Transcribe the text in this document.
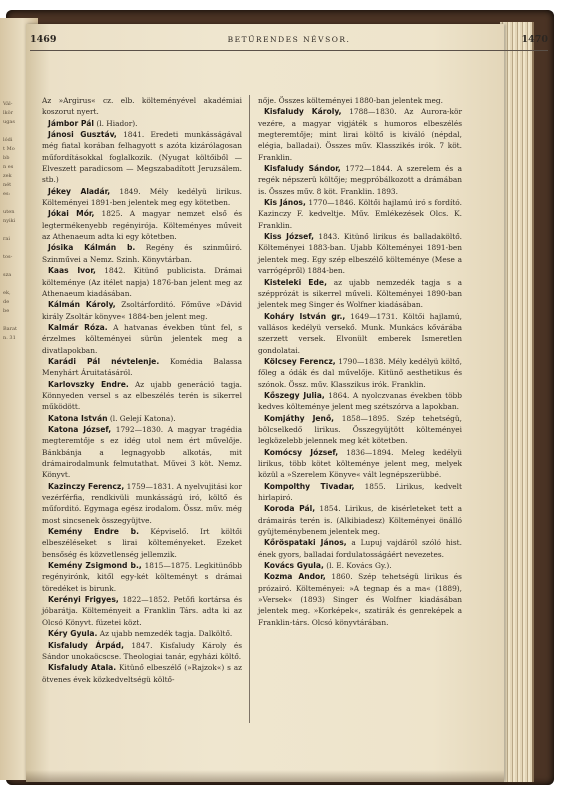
Vál-
lkör
ugas

lódi
t Mo
bb
n es
zek
nét
es:

uten
nyiki

rai

tos-

sza

ek,
de
be

Barat
n. 31
1469	BETŰRENDES NÉVSOR.	1470

Az »Argirus« cz. elb. költeményével akadémiai koszorut nyert.

Jámbor Pál (l. Hiador).

Jánosi Gusztáv, 1841. Eredeti munkásságával még fiatal korában felhagyott s azóta kizárólagosan műfordításokkal foglalkozik. (Nyugat költőiből — Elveszett paradicsom — Megszabadított Jeruzsálem. stb.)

Jékey Aladár, 1849. Mély kedélyü lirikus. Költeményei 1891-ben jelentek meg egy kötetben.

Jókai Mór, 1825. A magyar nemzet első és legtermékenyebb regényirója. Költeményes műveit az Athenaeum adta ki egy kötetben.

Jósika Kálmán b. Regény és szinműiró. Szinművei a Nemz. Szinh. Könyvtárban.

Kaas Ivor, 1842. Kitünő publicista. Drámai költeménye (Az itélet napja) 1876-ban jelent meg az Athenaeum kiadásában.

Kálmán Károly, Zsoltárforditó. Főműve »Dávid király Zsoltár könyve« 1884-ben jelent meg.

Kalmár Róza. A hatvanas években tünt fel, s érzelmes költeményei sürün jelentek meg a divatlapokban.

Karádi Pál névtelenje. Komédia Balassa Menyhárt Áruitatásáról.

Karlovszky Endre. Az ujabb generáció tagja. Könnyeden versel s az elbeszélés terén is sikerrel működött.

Katona István (l. Gelejí Katona).

Katona József, 1792—1830. A magyar tragédia megteremtője s ez idég utol nem ért művelője. Bánkbánja a legnagyobb alkotás, mit drámairodalmunk felmutathat. Művei 3 köt. Nemz. Könyvt.

Kazinczy Ferencz, 1759—1831. A nyelvujitási kor vezérférfia, rendkivüli munkásságú iró, költő és műforditó. Egymagа egész irodalom. Össz. műv. még most sincsenek összegyüjtve.

Kemény Endre b. Képviselő. Irt költői elbeszéléseket s lirai költeményeket. Ezeket bensőség és közvetlenség jellemzik.

Kemény Zsigmond b., 1815—1875. Legkitünőbb regényirónk, kitől egy-két költeményt s drámai töredéket is birunk.

Kerényi Frigyes, 1822—1852. Petőfi kortársa és jóbarátja. Költeményeit a Franklin Társ. adta ki az Olcsó Könyvt. füzetei közt.

Kéry Gyula. Az ujabb nemzedék tagja. Dalköltő.

Kisfaludy Árpád, 1847. Kisfaludy Károly és Sándor unokaöcscse. Theologiai tanár, egyházi költő.

Kisfaludy Atala. Kitünő elbeszélő (»Rajzok«) s az ötvenes évek közkedveltségü költő-

nője. Összes költeményei 1880-ban jelentek meg.

Kisfaludy Károly, 1788—1830. Az Aurora-kör vezére, a magyar vigjáték s humoros elbeszélés megteremtője; mint lirai költő is kiváló (népdal, elégia, balladai). Összes műv. Klasszikés irók. 7 köt. Franklin.

Kisfaludy Sándor, 1772—1844. A szerelem és a regék népszerü költője; megpróbálkozott a drámában is. Összes műv. 8 köt. Franklin. 1893.

Kis János, 1770—1846. Költői hajlamú iró s fordító. Kazinczy F. kedveltje. Műv. Emlékezések Olcs. K. Franklin.

Kiss József, 1843. Kitünő lirikus és balladaköltő. Költeményei 1883-ban. Ujabb Költeményei 1891-ben jelentek meg. Egy szép elbeszélő költeménye (Mese a varrógépről) 1884-ben.

Kisteleki Ede, az ujabb nemzedék tagja s a szépprózát is sikerrel műveli. Költeményei 1890-ban jelentek meg Singer és Wolfner kiadásában.

Koháry István gr., 1649—1731. Költői hajlamú, vallásos kedélyü versekő. Munk. Munkács kővárába szerzett versek. Elvonült emberek Ismeretlen gondolatai.

Kölcsey Ferencz, 1790—1838. Mély kedélyü költő, főleg a ódák és dal művelője. Kitünő aesthetikus és szónok. Össz. műv. Klasszikus irók. Franklin.

Kőszegy Julia, 1864. A nyolczvanas években több kedves költeménye jelent meg szétszórva a lapokban.

Komjáthy Jenő, 1858—1895. Szép tehetségü, bölcselkedő lirikus. Összegyüjtött költeményei legközelebb jelennek meg két kötetben.

Komócsy József, 1836—1894. Meleg kedélyü lirikus, több kötet költeménye jelent meg, melyek közül a »Szerelem Könyve« vált legnépszerübbé.

Kompolthy Tivadar, 1855. Lirikus, kedvelt hirlapiró.

Koroda Pál, 1854. Lirikus, de kisérleteket tett a drámairás terén is. (Alkibiadesz) Költeményei önálló gyüjteménybenem jelentek meg.

Kőröspataki János, a Lupuj vajdáról szóló hist. ének gyors, balladai fordulatosságáért nevezetes.

Kovács Gyula, (l. E. Kovács Gy.).

Kozma Andor, 1860. Szép tehetségü lirikus és prózairó. Költeményei: »A tegnap és a ma« (1889), »Versek« (1893) Singer és Wolfner kiadásában jelentek meg. »Korképek«, szatirák és genreképek a Franklin-társ. Olcsó könyvtárában.
